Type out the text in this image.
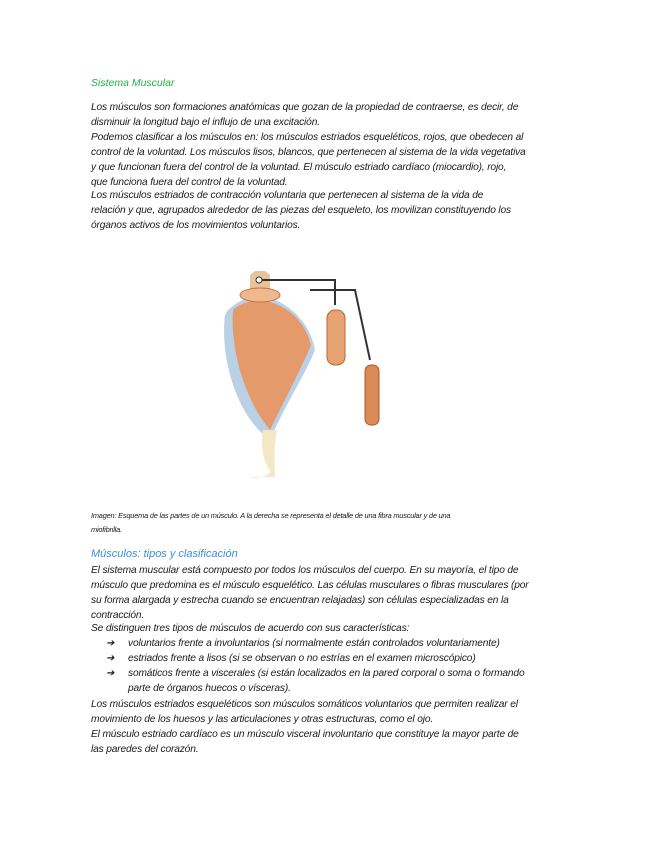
Sistema Muscular
Los músculos son formaciones anatómicas que gozan de la propiedad de contraerse, es decir, de
disminuir la longitud bajo el influjo de una excitación.
Podemos clasificar a los músculos en: los músculos estriados esqueléticos, rojos, que obedecen al
control de la voluntad. Los músculos lisos, blancos, que pertenecen al sistema de la vida vegetativa
y que funcionan fuera del control de la voluntad. El músculo estriado cardíaco (miocardio), rojo,
que funciona fuera del control de la voluntad.
Los músculos estriados de contracción voluntaria que pertenecen al sistema de la vida de
relación y que, agrupados alrededor de las piezas del esqueleto, los movilizan constituyendo los
órganos activos de los movimientos voluntarios.
Imagen: Esquema de las partes de un músculo. A la derecha se representa el detalle de una fibra muscular y de una
miofibrilla.
Músculos: tipos y clasificación
El sistema muscular está compuesto por todos los músculos del cuerpo. En su mayoría, el tipo de
músculo que predomina es el músculo esquelético. Las células musculares o fibras musculares (por
su forma alargada y estrecha cuando se encuentran relajadas) son células especializadas en la
contracción.
Se distinguen tres tipos de músculos de acuerdo con sus características:
➔ voluntarios frente a involuntarios (si normalmente están controlados voluntariamente)
➔ estriados frente a lisos (si se observan o no estrías en el examen microscópico)
➔ somáticos frente a viscerales (si están localizados en la pared corporal o soma o formando
parte de órganos huecos o vísceras).
Los músculos estriados esqueléticos son músculos somáticos voluntarios que permiten realizar el
movimiento de los huesos y las articulaciones y otras estructuras, como el ojo.
El músculo estriado cardíaco es un músculo visceral involuntario que constituye la mayor parte de
las paredes del corazón.
